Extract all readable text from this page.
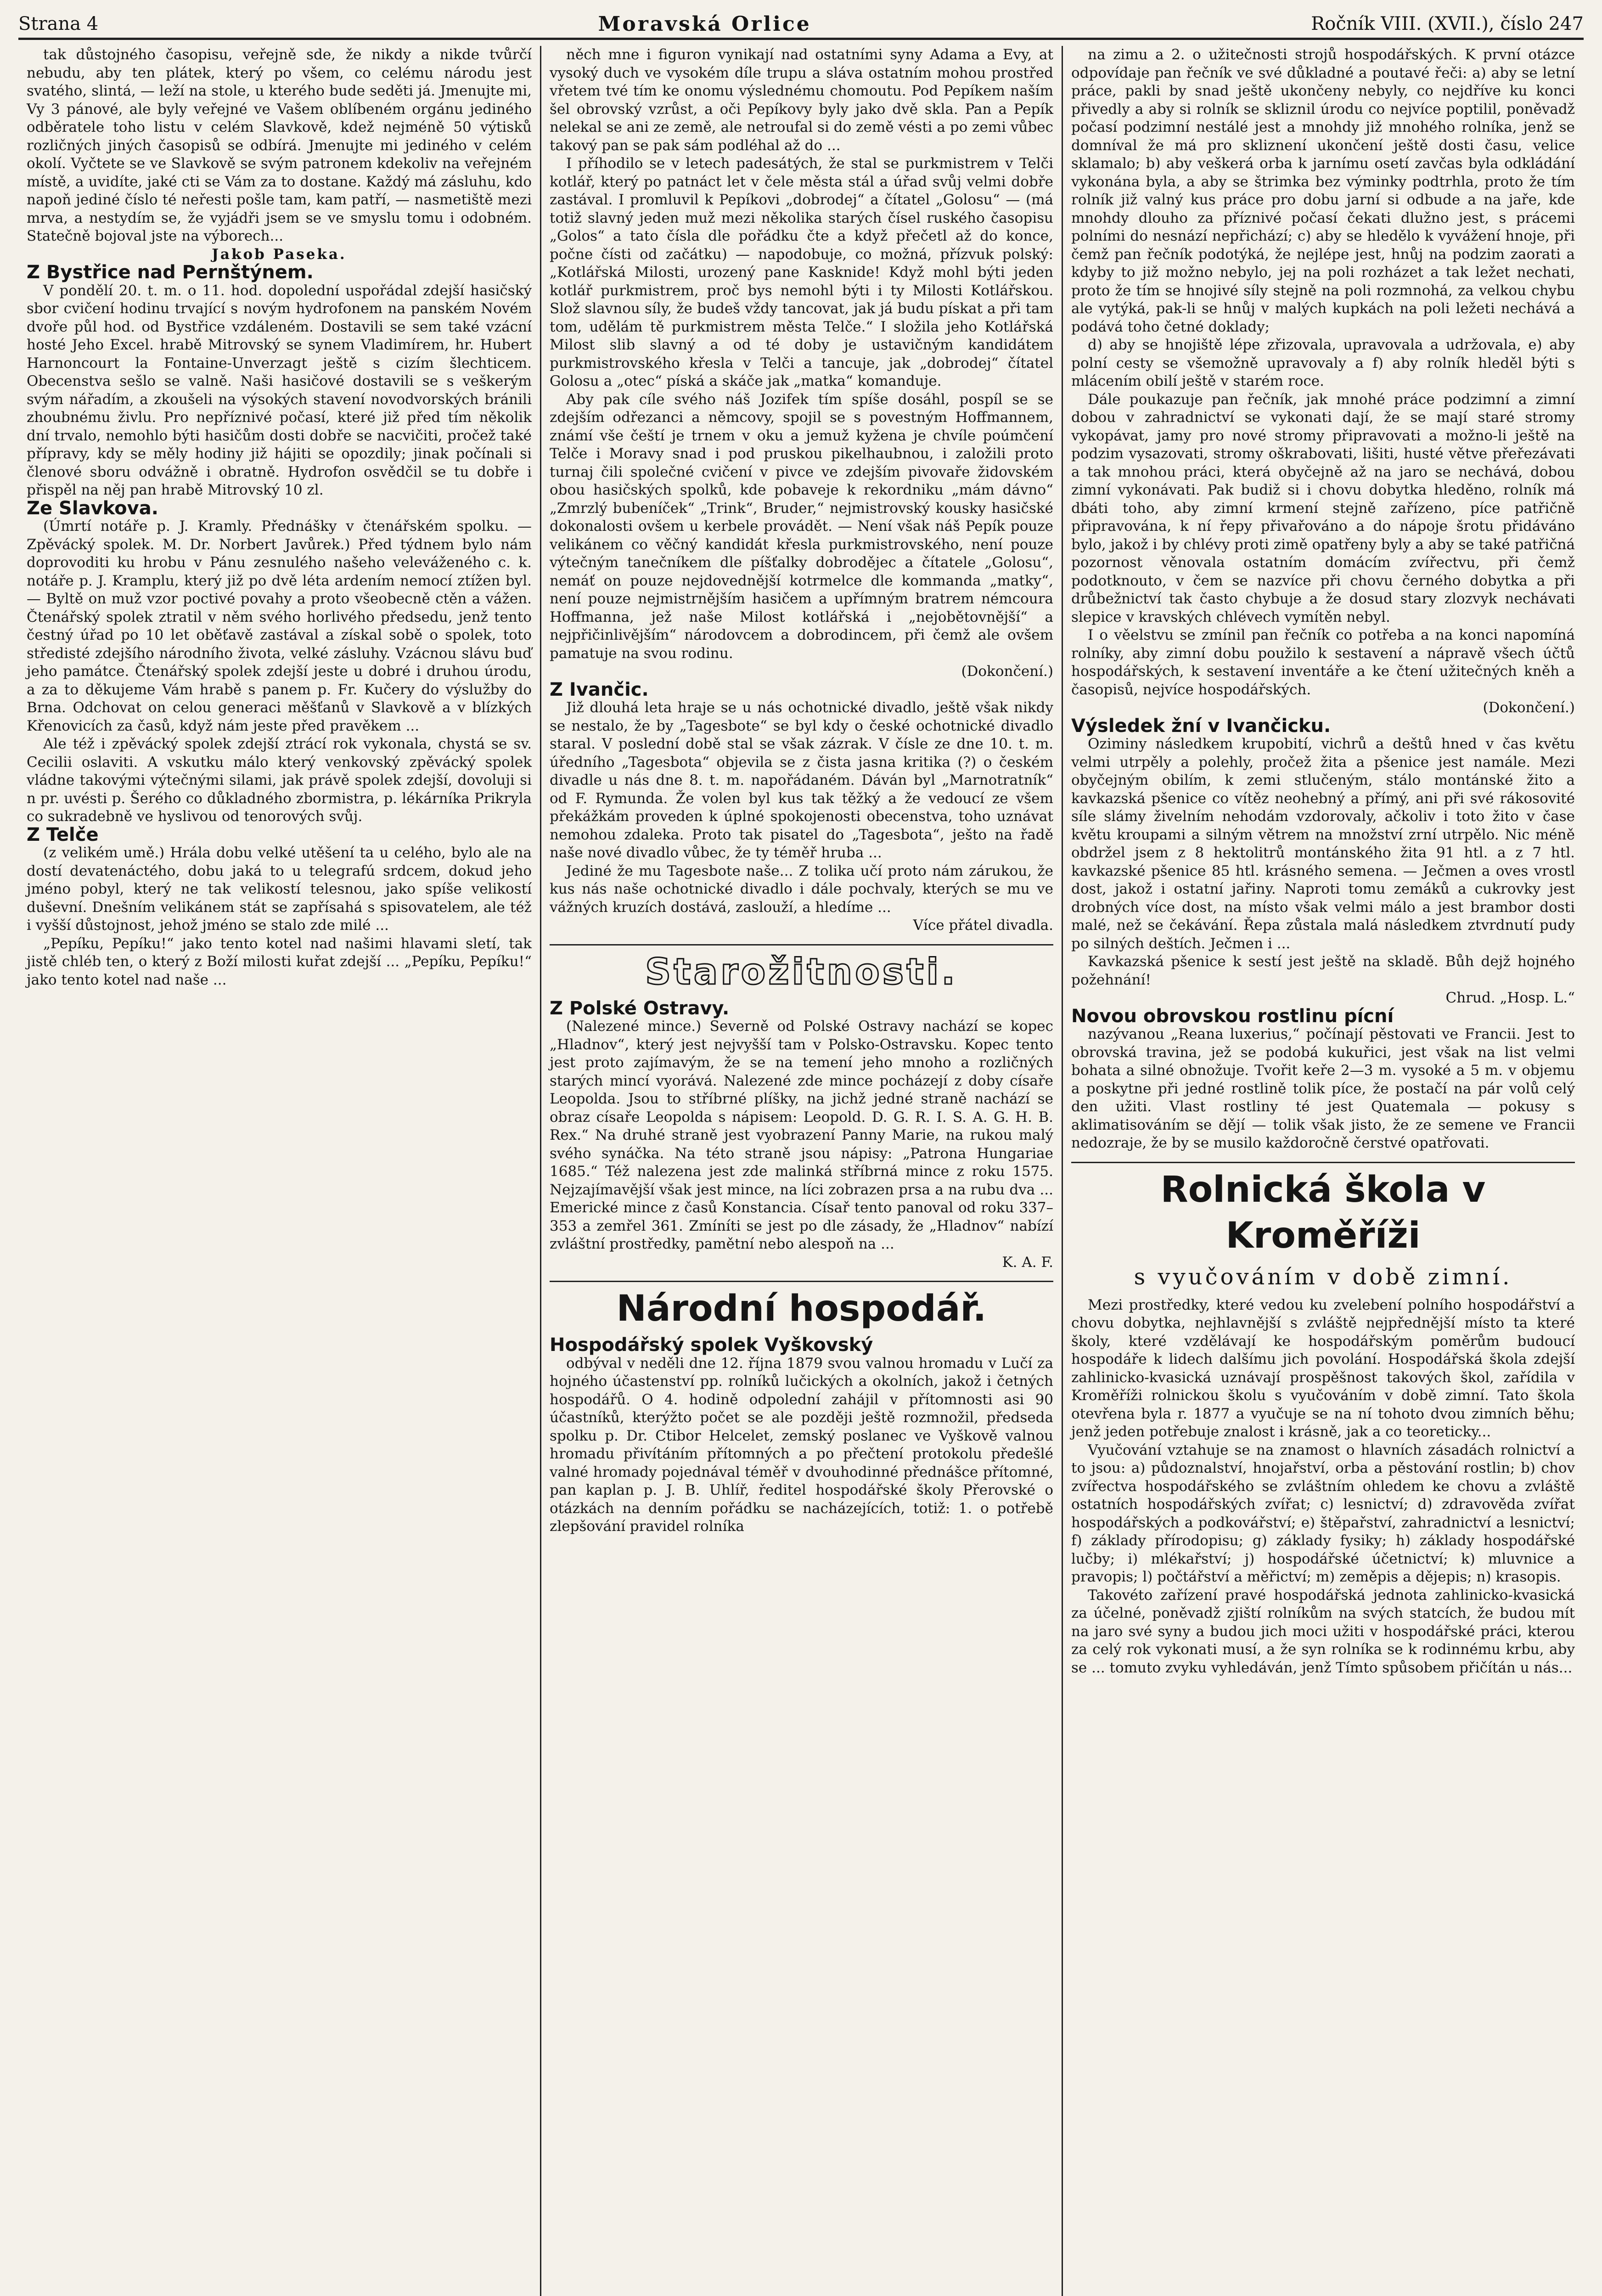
Strana 4	Moravská Orlice	Ročník VIII. (XVII.), číslo 247

tak důstojného časopisu, veřejně sde, že nikdy a nikde tvůrčí nebudu, aby ten plátek, který po všem, co celému národu jest svatého, slintá, — leží na stole, u kterého bude seděti já. Jmenujte mi, Vy 3 pánové, ale byly veřejné ve Vašem oblíbeném orgánu jediného odběratele toho listu v celém Slavkově, kdež nejméně 50 výtisků rozličných jiných časopisů se odbírá. Jmenujte mi jediného v celém okolí. Vyčtete se ve Slavkově se svým patronem kdekoliv na veřejném místě, a uvidíte, jaké cti se Vám za to dostane. Každý má zásluhu, kdo napoň jediné číslo té neřesti pošle tam, kam patří, — nasmetiště mezi mrva, a nestydím se, že vyjádři jsem se ve smyslu tomu i odobném. Statečně bojoval jste na výborech...

Jakob Paseka.

Z Bystřice nad Pernštýnem.

V pondělí 20. t. m. o 11. hod. dopolední uspořádal zdejší hasičský sbor cvičení hodinu trvající s novým hydrofonem na panském Novém dvoře půl hod. od Bystřice vzdáleném. Dostavili se sem také vzácní hosté Jeho Excel. hrabě Mitrovský se synem Vladimírem, hr. Hubert Harnoncourt la Fontaine-Unverzagt ještě s cizím šlechticem. Obecenstva sešlo se valně. Naši hasičové dostavili se s veškerým svým nářadím, a zkoušeli na výsokých stavení novodvorských bránili zhoubnému živlu. Pro nepříznivé počasí, které již před tím několik dní trvalo, nemohlo býti hasičům dosti dobře se nacvičiti, pročež také přípravy, kdy se měly hodiny již hájiti se opozdily; jinak počínali si členové sboru odvážně i obratně. Hydrofon osvědčil se tu dobře i přispěl na něj pan hrabě Mitrovský 10 zl.

Ze Slavkova.

(Úmrtí notáře p. J. Kramly. Přednášky v čtenářském spolku. — Zpěvácký spolek. M. Dr. Norbert Javůrek.) Před týdnem bylo nám doprovoditi ku hrobu v Pánu zesnulého našeho veleváženého c. k. notáře p. J. Kramplu, který již po dvě léta ardením nemocí ztížen byl. — Byltě on muž vzor poctivé povahy a proto všeobecně ctěn a vážen. Čtenářský spolek ztratil v něm svého horlivého předsedu, jenž tento čestný úřad po 10 let oběťavě zastával a získal sobě o spolek, toto středisté zdejšího národního života, velké zásluhy. Vzácnou slávu buď jeho památce. Čtenářský spolek zdejší jeste u dobré i druhou úrodu, a za to děkujeme Vám hrabě s panem p. Fr. Kučery do výslužby do Brna. Odchovat on celou generaci měšťanů v Slavkově a v blízkých Křenovicích za časů, když nám jeste před pravěkem ...

Ale též i zpěvácký spolek zdejší ztrácí rok vykonala, chystá se sv. Cecilii oslaviti. A vskutku málo který venkovský zpěvácký spolek vládne takovými výtečnými silami, jak právě spolek zdejší, dovoluji si n pr. uvésti p. Šerého co důkladného zbormistra, p. lékárníka Prikryla co sukradebně ve hyslivou od tenorových svůj.

Z Telče

(z velikém umě.) Hrála dobu velké utěšení ta u celého, bylo ale na dostí devatenáctého, dobu jaká to u telegrafú srdcem, dokud jeho jméno pobyl, který ne tak velikostí telesnou, jako spíše velikostí duševní. Dnešním velikánem stát se zapřísahá s spisovatelem, ale též i vyšší důstojnost, jehož jméno se stalo zde milé ...

„Pepíku, Pepíku!“ jako tento kotel nad našimi hlavami sletí, tak jistě chléb ten, o který z Boží milosti kuřat zdejší ... „Pepíku, Pepíku!“ jako tento kotel nad naše ...

něch mne i figuron vynikají nad ostatními syny Adama a Evy, at vysoký duch ve vysokém díle trupu a sláva ostatním mohou prostřed vřetem tvé tím ke onomu výslednému chomoutu. Pod Pepíkem naším šel obrovský vzrůst, a oči Pepíkovy byly jako dvě skla. Pan a Pepík nelekal se ani ze země, ale netroufal si do země vésti a po zemi vůbec takový pan se pak sám podléhal až do ...

I příhodilo se v letech padesátých, že stal se purkmistrem v Telči kotlář, který po patnáct let v čele města stál a úřad svůj velmi dobře zastával. I promluvil k Pepíkovi „dobrodej“ a čítatel „Golosu“ — (má totiž slavný jeden muž mezi několika starých čísel ruského časopisu „Golos“ a tato čísla dle pořádku čte a když přečetl až do konce, počne čísti od začátku) — napodobuje, co možná, přízvuk polský: „Kotlářská Milosti, urozený pane Kasknide! Když mohl býti jeden kotlář purkmistrem, proč bys nemohl býti i ty Milosti Kotlářskou. Slož slavnou síly, že budeš vždy tancovat, jak já budu pískat a při tam tom, udělám tě purkmistrem města Telče.“ I složila jeho Kotlářská Milost slib slavný a od té doby je ustavičným kandidátem purkmistrovského křesla v Telči a tancuje, jak „dobrodej“ čítatel Golosu a „otec“ píská a skáče jak „matka“ komanduje.

Aby pak cíle svého náš Jozifek tím spíše dosáhl, pospíl se se zdejším odřezanci a němcovy, spojil se s povestným Hoffmannem, známí vše čeští je trnem v oku a jemuž kyžena je chvíle poúmčení Telče i Moravy snad i pod pruskou pikelhaubnou, i založili proto turnaj čili společné cvičení v pivce ve zdejším pivovaře židovském obou hasičských spolků, kde pobaveje k rekordniku „mám dávno“ „Zmrzlý bubeníček“ „Trink“, Bruder,“ nejmistrovský kousky hasičské dokonalosti ovšem u kerbele provádět. — Není však náš Pepík pouze velikánem co věčný kandidát křesla purkmistrovského, není pouze výtečným tanečníkem dle píšťalky dobrodějec a čítatele „Golosu“, nemáť on pouze nejdovednější kotrmelce dle kommanda „matky“, není pouze nejmistrnějším hasičem a upřímným bratrem némcoura Hoffmanna, jež naše Milost kotlářská i „nejobětovnější“ a nejpřičinlivějším“ národovcem a dobrodincem, při čemž ale ovšem pamatuje na svou rodinu.

(Dokončení.)

Z Ivančic.

Již dlouhá leta hraje se u nás ochotnické divadlo, ještě však nikdy se nestalo, že by „Tagesbote“ se byl kdy o české ochotnické divadlo staral. V poslední době stal se však zázrak. V čísle ze dne 10. t. m. úředního „Tagesbota“ objevila se z čista jasna kritika (?) o českém divadle u nás dne 8. t. m. napořádaném. Dáván byl „Marnotratník“ od F. Rymunda. Že volen byl kus tak těžký a že vedoucí ze všem překážkám proveden k úplné spokojenosti obecenstva, toho uznávat nemohou zdaleka. Proto tak pisatel do „Tagesbota“, ješto na řadě naše nové divadlo vůbec, že ty téměř hruba ...

Jediné že mu Tagesbote naše... Z tolika učí proto nám zárukou, že kus nás naše ochotnické divadlo i dále pochvaly, kterých se mu ve vážných kruzích dostává, zaslouží, a hledíme ...

Více přátel divadla.

Starožitnosti.

Z Polské Ostravy.

(Nalezené mince.) Severně od Polské Ostravy nachází se kopec „Hladnov“, který jest nejvyšší tam v Polsko-Ostravsku. Kopec tento jest proto zajímavým, že se na temení jeho mnoho a rozličných starých mincí vyorává. Nalezené zde mince pocházejí z doby císaře Leopolda. Jsou to stříbrné plíšky, na jichž jedné straně nachází se obraz císaře Leopolda s nápisem: Leopold. D. G. R. I. S. A. G. H. B. Rex.“ Na druhé straně jest vyobrazení Panny Marie, na rukou malý svého synáčka. Na této straně jsou nápisy: „Patrona Hungariae 1685.“ Též nalezena jest zde malinká stříbrná mince z roku 1575. Nejzajímavější však jest mince, na líci zobrazen prsa a na rubu dva ... Emerické mince z časů Konstancia. Císař tento panoval od roku 337–353 a zemřel 361. Zmíníti se jest po dle zásady, že „Hladnov“ nabízí zvláštní prostředky, pamětní nebo alespoň na ...

K. A. F.

Národní hospodář.

Hospodářský spolek Vyškovský

odbýval v neděli dne 12. října 1879 svou valnou hromadu v Lučí za hojného účastenství pp. rolníků lučických a okolních, jakož i četných hospodářů. O 4. hodině odpolední zahájil v přítomnosti asi 90 účastníků, kterýžto počet se ale později ještě rozmnožil, předseda spolku p. Dr. Ctibor Helcelet, zemský poslanec ve Vyškově valnou hromadu přivítáním přítomných a po přečtení protokolu předešlé valné hromady pojednával téměř v dvouhodinné přednášce přítomné, pan kaplan p. J. B. Uhlíř, ředitel hospodářské školy Přerovské o otázkách na denním pořádku se nacházejících, totiž: 1. o potřebě zlepšování pravidel rolníka

na zimu a 2. o užitečnosti strojů hospodářských. K první otázce odpovídaje pan řečník ve své důkladné a poutavé řeči: a) aby se letní práce, pakli by snad ještě ukončeny nebyly, co nejdříve ku konci přivedly a aby si rolník se skliznil úrodu co nejvíce poptilil, poněvadž počasí podzimní nestálé jest a mnohdy již mnohého rolníka, jenž se domníval že má pro skliznení ukončení ještě dosti času, velice sklamalo; b) aby veškerá orba k jarnímu osetí zavčas byla odkládání vykonána byla, a aby se štrimka bez výminky podtrhla, proto že tím rolník již valný kus práce pro dobu jarní si odbude a na jaře, kde mnohdy dlouho za příznivé počasí čekati dlužno jest, s prácemi polními do nesnází nepřichází; c) aby se hledělo k vyvážení hnoje, při čemž pan řečník podotýká, že nejlépe jest, hnůj na podzim zaorati a kdyby to již možno nebylo, jej na poli rozházet a tak ležet nechati, proto že tím se hnojivé síly stejně na poli rozmnohá, za velkou chybu ale vytýká, pak-li se hnůj v malých kupkách na poli ležeti nechává a podává toho četné doklady;

d) aby se hnojiště lépe zřizovala, upravovala a udržovala, e) aby polní cesty se všemožně upravovaly a f) aby rolník hleděl býti s mlácením obilí ještě v starém roce.

Dále poukazuje pan řečník, jak mnohé práce podzimní a zimní dobou v zahradnictví se vykonati dají, že se mají staré stromy vykopávat, jamy pro nové stromy připravovati a možno-li ještě na podzim vysazovati, stromy oškrabovati, lišiti, husté větve přeřezávati a tak mnohou práci, která obyčejně až na jaro se nechává, dobou zimní vykonávati. Pak budiž si i chovu dobytka hleděno, rolník má dbáti toho, aby zimní krmení stejně zařízeno, píce patřičně připravována, k ní řepy přivařováno a do nápoje šrotu přidáváno bylo, jakož i by chlévy proti zimě opatřeny byly a aby se také patřičná pozornost věnovala ostatním domácím zvířectvu, při čemž podotknouto, v čem se nazvíce při chovu černého dobytka a při drůbežnictví tak často chybuje a že dosud stary zlozvyk nechávati slepice v kravských chlévech vymítěn nebyl.

I o věelstvu se zmínil pan řečník co potřeba a na konci napomíná rolníky, aby zimní dobu použilo k sestavení a nápravě všech účtů hospodářských, k sestavení inventáře a ke čtení užitečných kněh a časopisů, nejvíce hospodářských.

(Dokončení.)

Výsledek žní v Ivančicku.

Oziminy následkem krupobití, vichrů a deštů hned v čas květu velmi utrpěly a polehly, pročež žita a pšenice jest namále. Mezi obyčejným obilím, k zemi stlučeným, stálo montánské žito a kavkazská pšenice co vítěz neohebný a přímý, ani při své rákosovité síle slámy živelním nehodám vzdorovaly, ačkoliv i toto žito v čase květu kroupami a silným větrem na množství zrní utrpělo. Nic méně obdržel jsem z 8 hektolitrů montánského žita 91 htl. a z 7 htl. kavkazské pšenice 85 htl. krásného semena. — Ječmen a oves vrostl dost, jakož i ostatní jařiny. Naproti tomu zemáků a cukrovky jest drobných více dost, na místo však velmi málo a jest brambor dosti malé, než se čekávání. Řepa zůstala malá následkem ztvrdnutí pudy po silných deštích. Ječmen i ...

Kavkazská pšenice k sestí jest ještě na skladě. Bůh dejž hojného požehnání!

Chrud. „Hosp. L.“

Novou obrovskou rostlinu pícní

nazývanou „Reana luxerius,“ počínají pěstovati ve Francii. Jest to obrovská travina, jež se podobá kukuřici, jest však na list velmi bohata a silné obnožuje. Tvořit keře 2—3 m. vysoké a 5 m. v objemu a poskytne při jedné rostlině tolik píce, že postačí na pár volů celý den užiti. Vlast rostliny té jest Quatemala — pokusy s aklimatisováním se dějí — tolik však jisto, že ze semene ve Francii nedozraje, že by se musilo každoročně čerstvé opatřovati.

Rolnická škola v Kroměříži
s vyučováním v době zimní.

Mezi prostředky, které vedou ku zvelebení polního hospodářství a chovu dobytka, nejhlavnější s zvláště nejpřednější místo ta které školy, které vzdělávají ke hospodářským poměrům budoucí hospodáře k lidech dalšímu jich povolání. Hospodářská škola zdejší zahlinicko-kvasická uznávají prospěšnost takových škol, zařídila v Kroměříži rolnickou školu s vyučováním v době zimní. Tato škola otevřena byla r. 1877 a vyučuje se na ní tohoto dvou zimních běhu; jenž jeden potřebuje znalost i krásně, jak a co teoreticky...

Vyučování vztahuje se na znamost o hlavních zásadách rolnictví a to jsou: a) půdoznalství, hnojařství, orba a pěstování rostlin; b) chov zvířectva hospodářského se zvláštním ohledem ke chovu a zvláště ostatních hospodářských zvířat; c) lesnictví; d) zdravověda zvířat hospodářských a podkovářství; e) štěpařství, zahradnictví a lesnictví; f) základy přírodopisu; g) základy fysiky; h) základy hospodářské lučby; i) mlékařství; j) hospodářské účetnictví; k) mluvnice a pravopis; l) počtářství a měřictví; m) zeměpis a dějepis; n) krasopis.

Takovéto zařízení pravé hospodářská jednota zahlinicko-kvasická za účelné, poněvadž zjiští rolníkům na svých statcích, že budou mít na jaro své syny a budou jich moci užiti v hospodářské práci, kterou za celý rok vykonati musí, a že syn rolníka se k rodinnému krbu, aby se ... tomuto zvyku vyhledáván, jenž Tímto spůsobem přičítán u nás...
